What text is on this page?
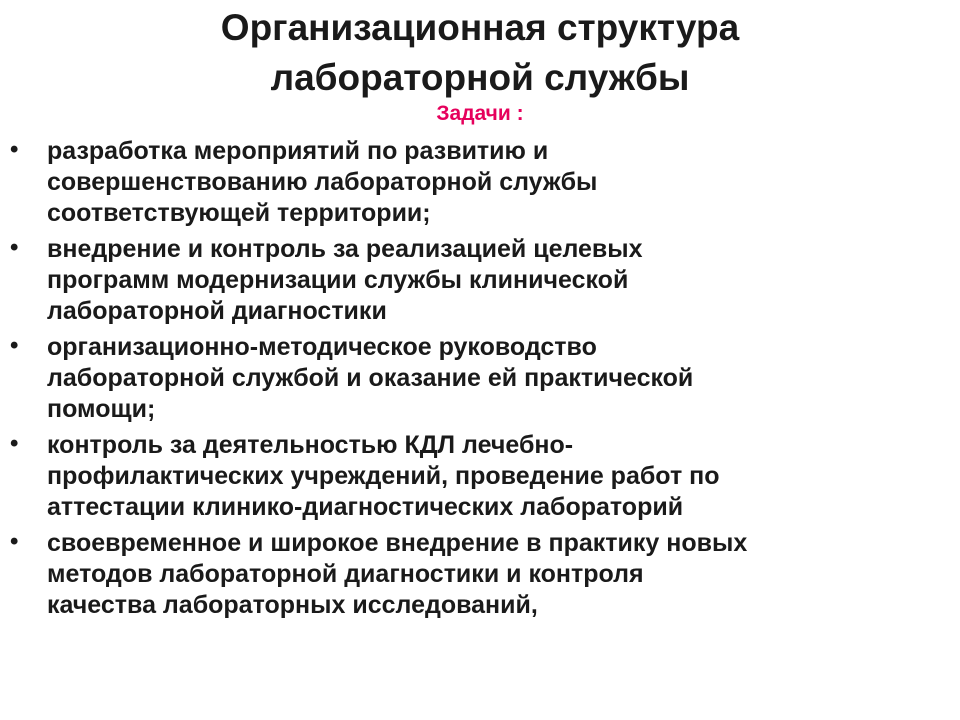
Организационная структура
лабораторной службы
Задачи :
• разработка мероприятий по развитию и
совершенствованию лабораторной службы
соответствующей территории;
• внедрение и контроль за реализацией целевых
программ модернизации службы клинической
лабораторной диагностики
• организационно-методическое руководство
лабораторной службой и оказание ей практической
помощи;
• контроль за деятельностью КДЛ лечебно-
профилактических учреждений, проведение работ по
аттестации клинико-диагностических лабораторий
• своевременное и широкое внедрение в практику новых
методов лабораторной диагностики и контроля
качества лабораторных исследований,
